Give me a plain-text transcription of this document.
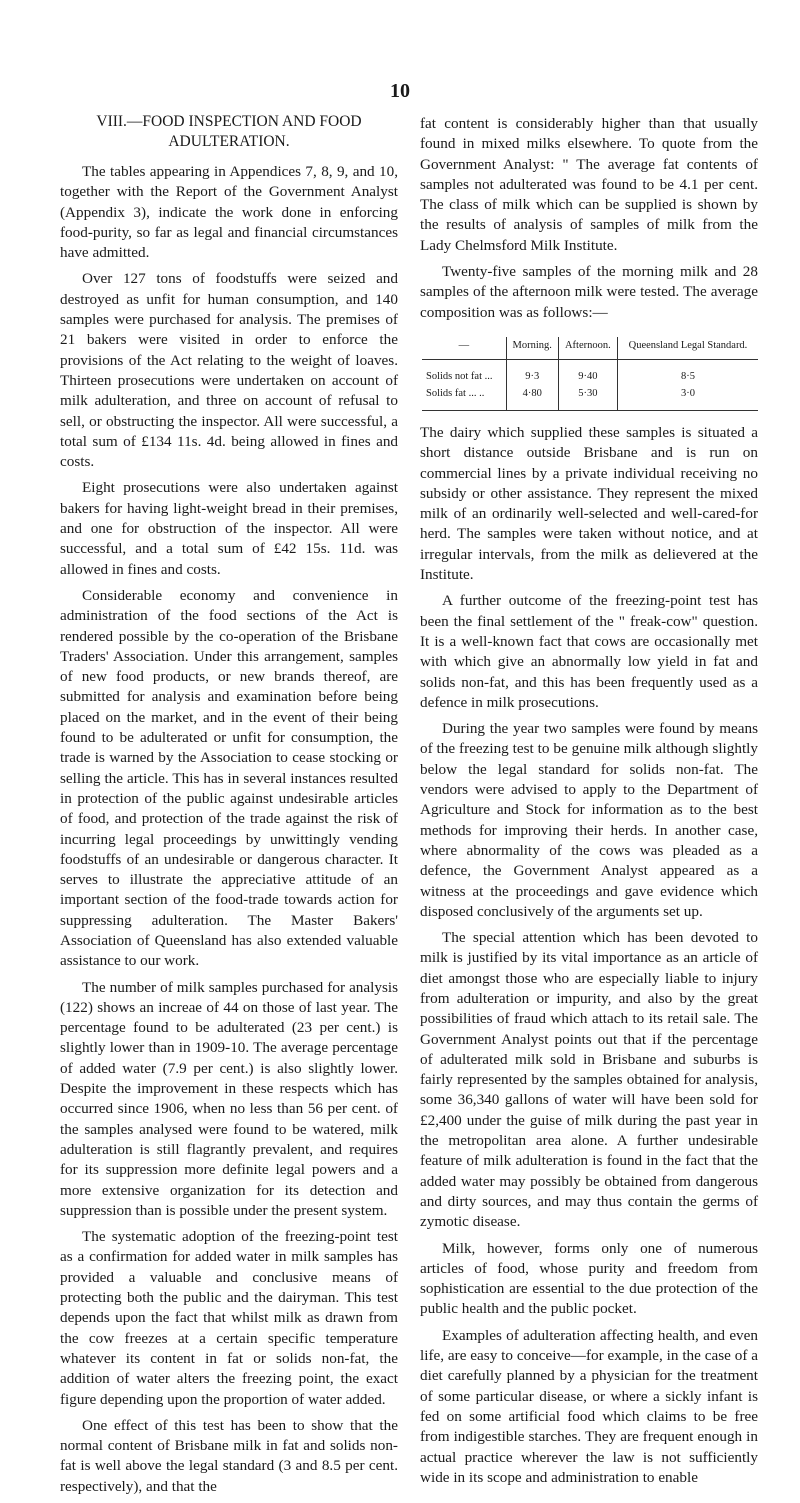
10
VIII.—FOOD INSPECTION AND FOOD ADULTERATION.

The tables appearing in Appendices 7, 8, 9, and 10, together with the Report of the Government Analyst (Appendix 3), indicate the work done in enforcing food-purity, so far as legal and financial circumstances have admitted.

Over 127 tons of foodstuffs were seized and destroyed as unfit for human consumption, and 140 samples were purchased for analysis. The premises of 21 bakers were visited in order to enforce the provisions of the Act relating to the weight of loaves. Thirteen prosecutions were undertaken on account of milk adulteration, and three on account of refusal to sell, or obstructing the inspector. All were successful, a total sum of £134 11s. 4d. being allowed in fines and costs.

Eight prosecutions were also undertaken against bakers for having light-weight bread in their premises, and one for obstruction of the inspector. All were successful, and a total sum of £42 15s. 11d. was allowed in fines and costs.

Considerable economy and convenience in administration of the food sections of the Act is rendered possible by the co-operation of the Brisbane Traders' Association. Under this arrangement, samples of new food products, or new brands thereof, are submitted for analysis and examination before being placed on the market, and in the event of their being found to be adulterated or unfit for consumption, the trade is warned by the Association to cease stocking or selling the article. This has in several instances resulted in protection of the public against undesirable articles of food, and protection of the trade against the risk of incurring legal proceedings by unwittingly vending foodstuffs of an undesirable or dangerous character. It serves to illustrate the appreciative attitude of an important section of the food-trade towards action for suppressing adulteration. The Master Bakers' Association of Queensland has also extended valuable assistance to our work.

The number of milk samples purchased for analysis (122) shows an increae of 44 on those of last year. The percentage found to be adulterated (23 per cent.) is slightly lower than in 1909-10. The average percentage of added water (7.9 per cent.) is also slightly lower. Despite the improvement in these respects which has occurred since 1906, when no less than 56 per cent. of the samples analysed were found to be watered, milk adulteration is still flagrantly prevalent, and requires for its suppression more definite legal powers and a more extensive organization for its detection and suppression than is possible under the present system.

The systematic adoption of the freezing-point test as a confirmation for added water in milk samples has provided a valuable and conclusive means of protecting both the public and the dairyman. This test depends upon the fact that whilst milk as drawn from the cow freezes at a certain specific temperature whatever its content in fat or solids non-fat, the addition of water alters the freezing point, the exact figure depending upon the proportion of water added.

One effect of this test has been to show that the normal content of Brisbane milk in fat and solids non-fat is well above the legal standard (3 and 8.5 per cent. respectively), and that the

fat content is considerably higher than that usually found in mixed milks elsewhere. To quote from the Government Analyst: " The average fat contents of samples not adulterated was found to be 4.1 per cent. The class of milk which can be supplied is shown by the results of analysis of samples of milk from the Lady Chelmsford Milk Institute.

Twenty-five samples of the morning milk and 28 samples of the afternoon milk were tested. The average composition was as follows:—

—	Morning.	Afternoon.	Queensland Legal Standard.
Solids not fat ...	9·3	9·40	8·5
Solids fat ... ..	4·80	5·30	3·0

The dairy which supplied these samples is situated a short distance outside Brisbane and is run on commercial lines by a private individual receiving no subsidy or other assistance. They represent the mixed milk of an ordinarily well-selected and well-cared-for herd. The samples were taken without notice, and at irregular intervals, from the milk as delievered at the Institute.

A further outcome of the freezing-point test has been the final settlement of the " freak-cow" question. It is a well-known fact that cows are occasionally met with which give an abnormally low yield in fat and solids non-fat, and this has been frequently used as a defence in milk prosecutions.

During the year two samples were found by means of the freezing test to be genuine milk although slightly below the legal standard for solids non-fat. The vendors were advised to apply to the Department of Agriculture and Stock for information as to the best methods for improving their herds. In another case, where abnormality of the cows was pleaded as a defence, the Government Analyst appeared as a witness at the proceedings and gave evidence which disposed conclusively of the arguments set up.

The special attention which has been devoted to milk is justified by its vital importance as an article of diet amongst those who are especially liable to injury from adulteration or impurity, and also by the great possibilities of fraud which attach to its retail sale. The Government Analyst points out that if the percentage of adulterated milk sold in Brisbane and suburbs is fairly represented by the samples obtained for analysis, some 36,340 gallons of water will have been sold for £2,400 under the guise of milk during the past year in the metropolitan area alone. A further undesirable feature of milk adulteration is found in the fact that the added water may possibly be obtained from dangerous and dirty sources, and may thus contain the germs of zymotic disease.

Milk, however, forms only one of numerous articles of food, whose purity and freedom from sophistication are essential to the due protection of the public health and the public pocket.

Examples of adulteration affecting health, and even life, are easy to conceive—for example, in the case of a diet carefully planned by a physician for the treatment of some particular disease, or where a sickly infant is fed on some artificial food which claims to be free from indigestible starches. They are frequent enough in actual practice wherever the law is not sufficiently wide in its scope and administration to enable
